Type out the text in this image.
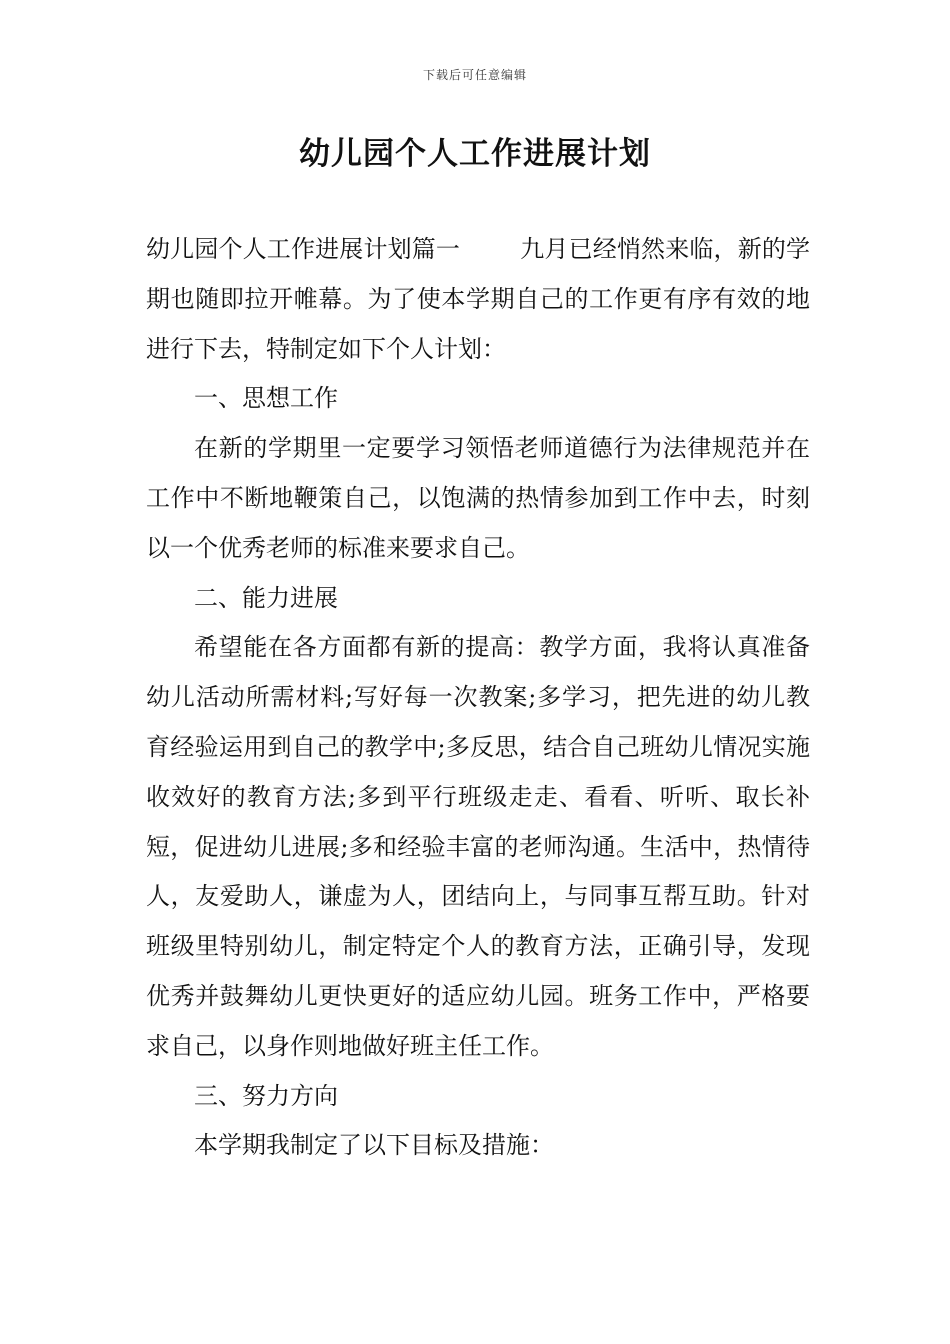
下载后可任意编辑
幼儿园个人工作进展计划

幼儿园个人工作进展计划篇一	九月已经悄然来临，新的学期也随即拉开帷幕。为了使本学期自己的工作更有序有效的地进行下去，特制定如下个人计划：

一、思想工作

在新的学期里一定要学习领悟老师道德行为法律规范并在工作中不断地鞭策自己，以饱满的热情参加到工作中去，时刻以一个优秀老师的标准来要求自己。

二、能力进展

希望能在各方面都有新的提高：教学方面，我将认真准备幼儿活动所需材料;写好每一次教案;多学习，把先进的幼儿教育经验运用到自己的教学中;多反思，结合自己班幼儿情况实施收效好的教育方法;多到平行班级走走、看看、听听、取长补短，促进幼儿进展;多和经验丰富的老师沟通。生活中，热情待人，友爱助人，谦虚为人，团结向上，与同事互帮互助。针对班级里特别幼儿，制定特定个人的教育方法，正确引导，发现优秀并鼓舞幼儿更快更好的适应幼儿园。班务工作中，严格要求自己，以身作则地做好班主任工作。

三、努力方向

本学期我制定了以下目标及措施：
